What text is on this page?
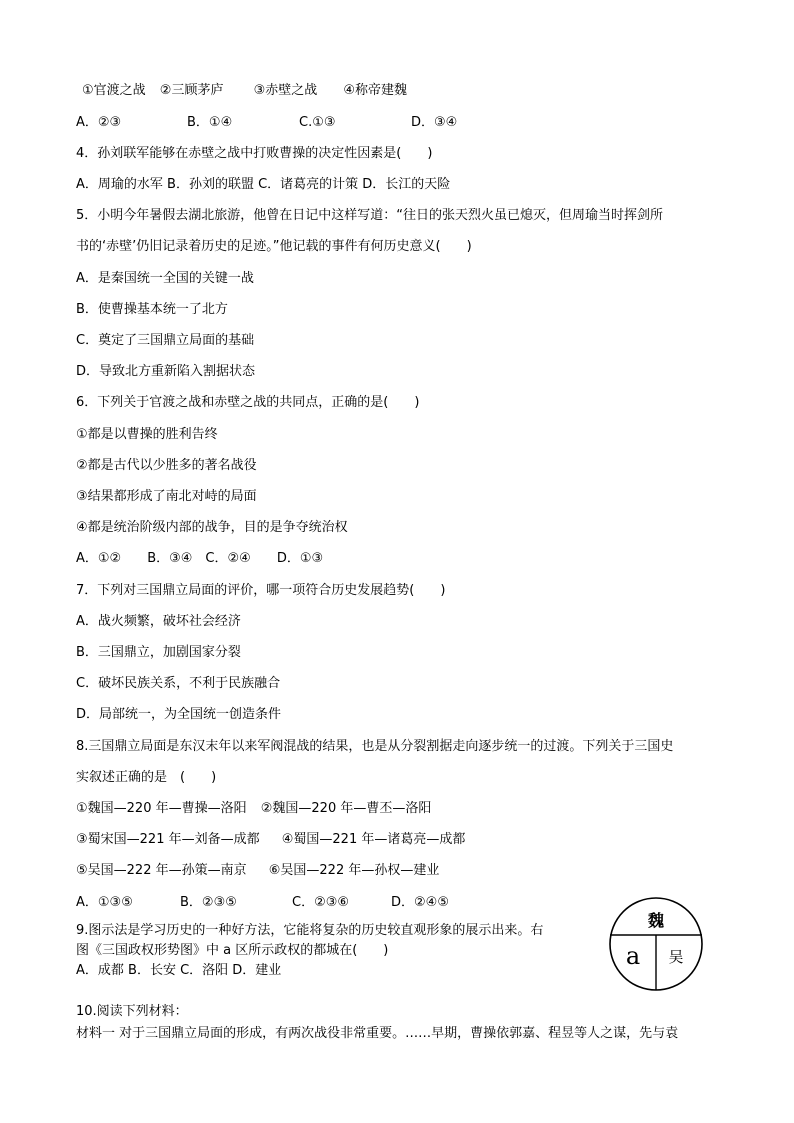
①官渡之战 ②三顾茅庐 ③赤壁之战 ④称帝建魏
A．②③	B．①④	C.①③	D．③④
4．孙刘联军能够在赤壁之战中打败曹操的决定性因素是(　　)
A．周瑜的水军 B．孙刘的联盟 C．诸葛亮的计策 D．长江的天险
5．小明今年暑假去湖北旅游，他曾在日记中这样写道：“往日的张天烈火虽已熄灭，但周瑜当时挥剑所
书的‘赤壁’仍旧记录着历史的足迹。”他记载的事件有何历史意义(　　)
A．是秦国统一全国的关键一战
B．使曹操基本统一了北方
C．奠定了三国鼎立局面的基础
D．导致北方重新陷入割据状态
6．下列关于官渡之战和赤壁之战的共同点，正确的是(　　)
①都是以曹操的胜利告终
②都是古代以少胜多的著名战役
③结果都形成了南北对峙的局面
④都是统治阶级内部的战争，目的是争夺统治权
A．①②　　B．③④　C．②④　　D．①③
7．下列对三国鼎立局面的评价，哪一项符合历史发展趋势(　　)
A．战火频繁，破坏社会经济
B．三国鼎立，加剧国家分裂
C．破坏民族关系，不利于民族融合
D．局部统一，为全国统一创造条件
8.三国鼎立局面是东汉末年以来军阀混战的结果，也是从分裂割据走向逐步统一的过渡。下列关于三国史
实叙述正确的是　(　　)
①魏国—220 年—曹操—洛阳 ②魏国—220 年—曹丕—洛阳
③蜀宋国—221 年—刘备—成都 ④蜀国—221 年—诸葛亮—成都
⑤吴国—222 年—孙策—南京 ⑥吴国—222 年—孙权—建业
A．①③⑤	B．②③⑤	C．②③⑥	D．②④⑤
9.图示法是学习历史的一种好方法，它能将复杂的历史较直观形象的展示出来。右
图《三国政权形势图》中 a 区所示政权的都城在(　　)
A．成都 B．长安 C．洛阳 D．建业
魏
a 吴
10.阅读下列材料：
材料一 对于三国鼎立局面的形成，有两次战役非常重要。……早期，曹操依郭嘉、程昱等人之谋，先与袁
